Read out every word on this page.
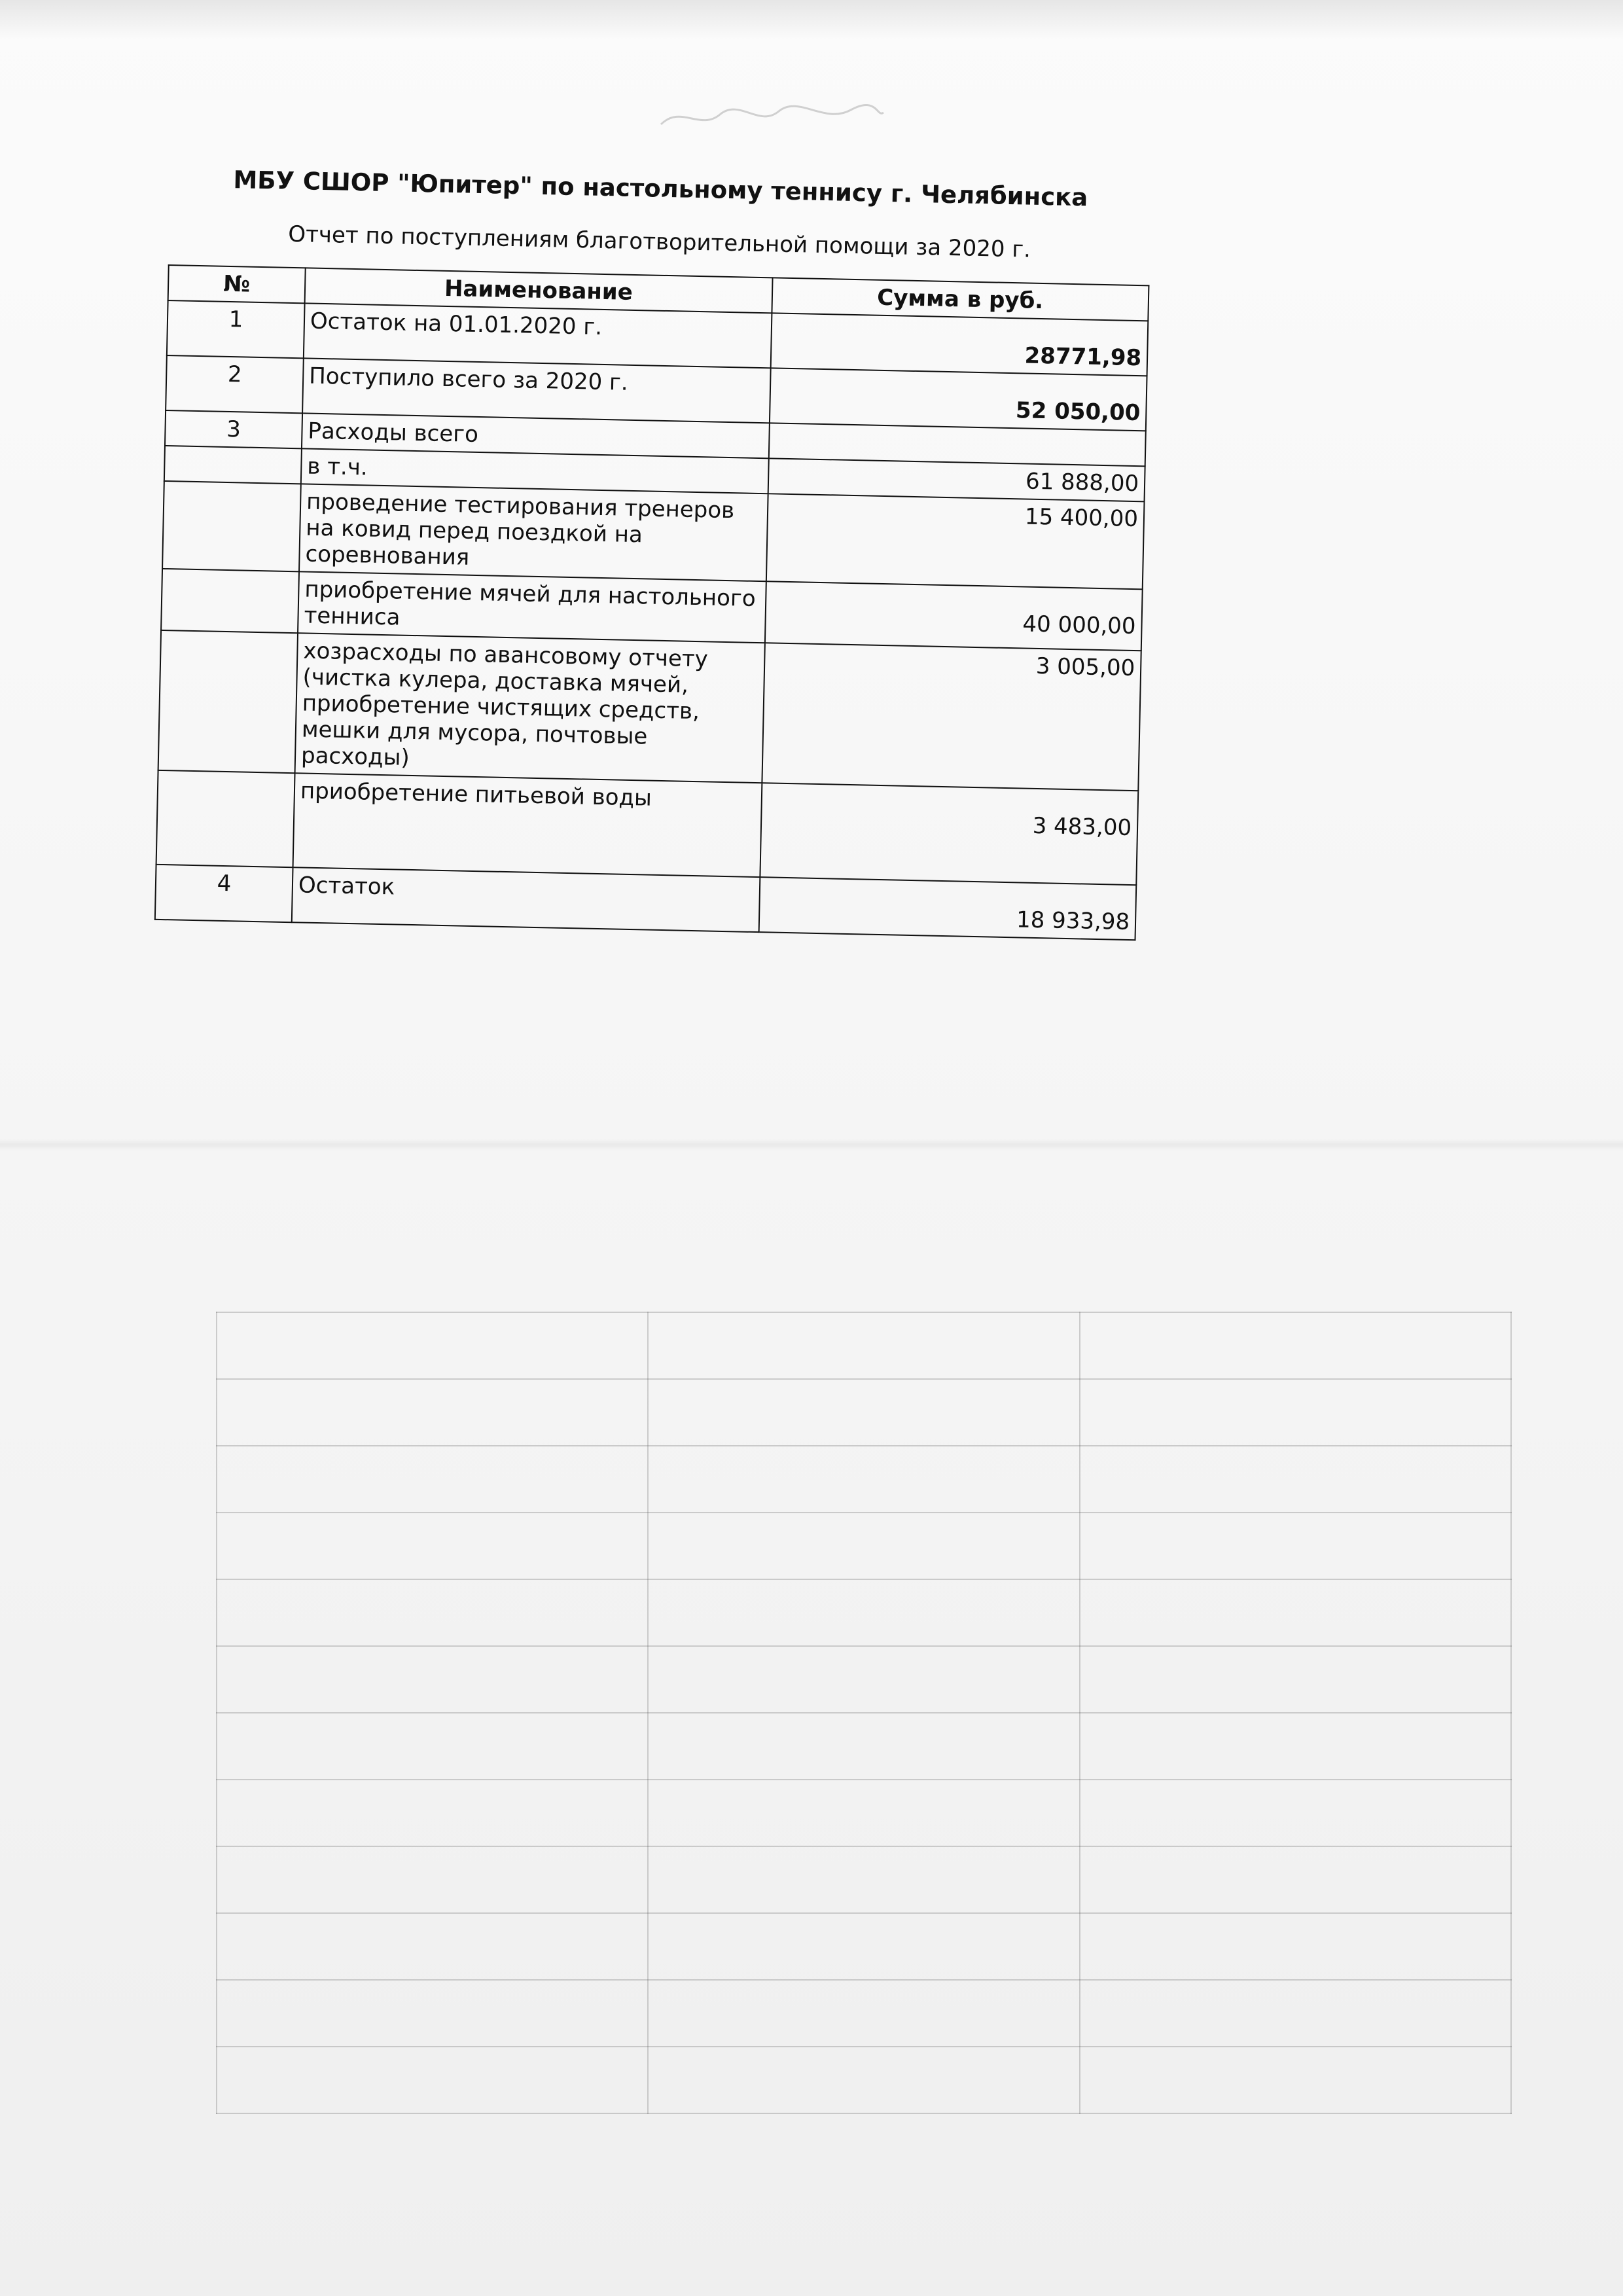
МБУ СШОР "Юпитер" по настольному теннису г. Челябинска
Отчет по поступлениям благотворительной помощи за 2020 г.
№	Наименование	Сумма в руб.
1	Остаток на 01.01.2020 г.	28771,98

2	Поступило всего за 2020 г.	52 050,00

3	Расходы всего	
	в т.ч.	61 888,00
	проведение тестирования тренеров на ковид перед поездкой на соревнования	15 400,00
	приобретение мячей для настольного тенниса	40 000,00

	хозрасходы по авансовому отчету (чистка кулера, доставка мячей, приобретение чистящих средств, мешки для мусора, почтовые расходы)	3 005,00
	приобретение питьевой воды	3 483,00

4	Остаток	18 933,98
